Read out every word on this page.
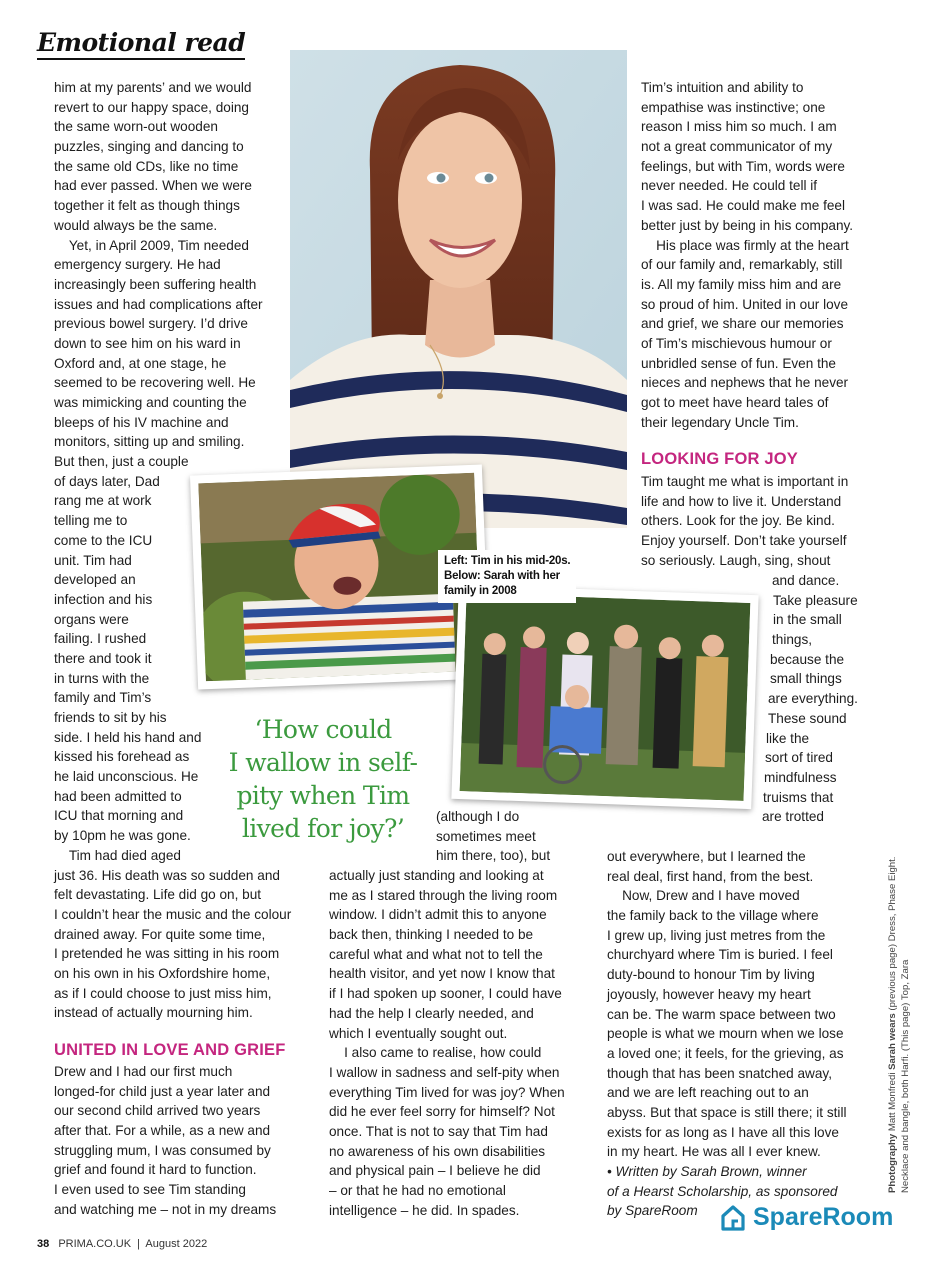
Emotional read
Left: Tim in his mid-20s.
Below: Sarah with her
family in 2008
him at my parents’ and we would
revert to our happy space, doing
the same worn-out wooden
puzzles, singing and dancing to
the same old CDs, like no time
had ever passed. When we were
together it felt as though things
would always be the same.
Yet, in April 2009, Tim needed
emergency surgery. He had
increasingly been suffering health
issues and had complications after
previous bowel surgery. I’d drive
down to see him on his ward in
Oxford and, at one stage, he
seemed to be recovering well. He
was mimicking and counting the
bleeps of his IV machine and
monitors, sitting up and smiling.
But then, just a couple
of days later, Dad
rang me at work
telling me to
come to the ICU
unit. Tim had
developed an
infection and his
organs were
failing. I rushed
there and took it
in turns with the
family and Tim’s
friends to sit by his
side. I held his hand and
kissed his forehead as
he laid unconscious. He
had been admitted to
ICU that morning and
by 10pm he was gone.
Tim had died aged
just 36. His death was so sudden and
felt devastating. Life did go on, but
I couldn’t hear the music and the colour
drained away. For quite some time,
I pretended he was sitting in his room
on his own in his Oxfordshire home,
as if I could choose to just miss him,
instead of actually mourning him.
UNITED IN LOVE AND GRIEF
Drew and I had our first much
longed-for child just a year later and
our second child arrived two years
after that. For a while, as a new and
struggling mum, I was consumed by
grief and found it hard to function.
I even used to see Tim standing
and watching me – not in my dreams
‘How could
I wallow in self-
pity when Tim
lived for joy?’	(although I do
sometimes meet
him there, too), but
actually just standing and looking at
me as I stared through the living room
window. I didn’t admit this to anyone
back then, thinking I needed to be
careful what and what not to tell the
health visitor, and yet now I know that
if I had spoken up sooner, I could have
had the help I clearly needed, and
which I eventually sought out.
I also came to realise, how could
I wallow in sadness and self-pity when
everything Tim lived for was joy? When
did he ever feel sorry for himself? Not
once. That is not to say that Tim had
no awareness of his own disabilities
and physical pain – I believe he did
– or that he had no emotional
intelligence – he did. In spades.
Tim’s intuition and ability to
empathise was instinctive; one
reason I miss him so much. I am
not a great communicator of my
feelings, but with Tim, words were
never needed. He could tell if
I was sad. He could make me feel
better just by being in his company.
His place was firmly at the heart
of our family and, remarkably, still
is. All my family miss him and are
so proud of him. United in our love
and grief, we share our memories
of Tim’s mischievous humour or
unbridled sense of fun. Even the
nieces and nephews that he never
got to meet have heard tales of
their legendary Uncle Tim.
LOOKING FOR JOY
Tim taught me what is important in
life and how to live it. Understand
others. Look for the joy. Be kind.
Enjoy yourself. Don’t take yourself
so seriously. Laugh, sing, shout
and dance.
Take pleasure
in the small
things,
because the
small things
are everything.
These sound
like the
sort of tired
mindfulness
truisms that
are trotted
out everywhere, but I learned the
real deal, first hand, from the best.
Now, Drew and I have moved
the family back to the village where
I grew up, living just metres from the
churchyard where Tim is buried. I feel
duty-bound to honour Tim by living
joyously, however heavy my heart
can be. The warm space between two
people is what we mourn when we lose
a loved one; it feels, for the grieving, as
though that has been snatched away,
and we are left reaching out to an
abyss. But that space is still there; it still
exists for as long as I have all this love
in my heart. He was all I ever knew.
• Written by Sarah Brown, winner
of a Hearst Scholarship, as sponsored
by SpareRoom
Photography Matt Monfredi Sarah wears (previous page) Dress, Phase Eight.
Necklace and bangle, both Harfi. (This page) Top, Zara
SpareRoom
38 PRIMA.CO.UK | August 2022
